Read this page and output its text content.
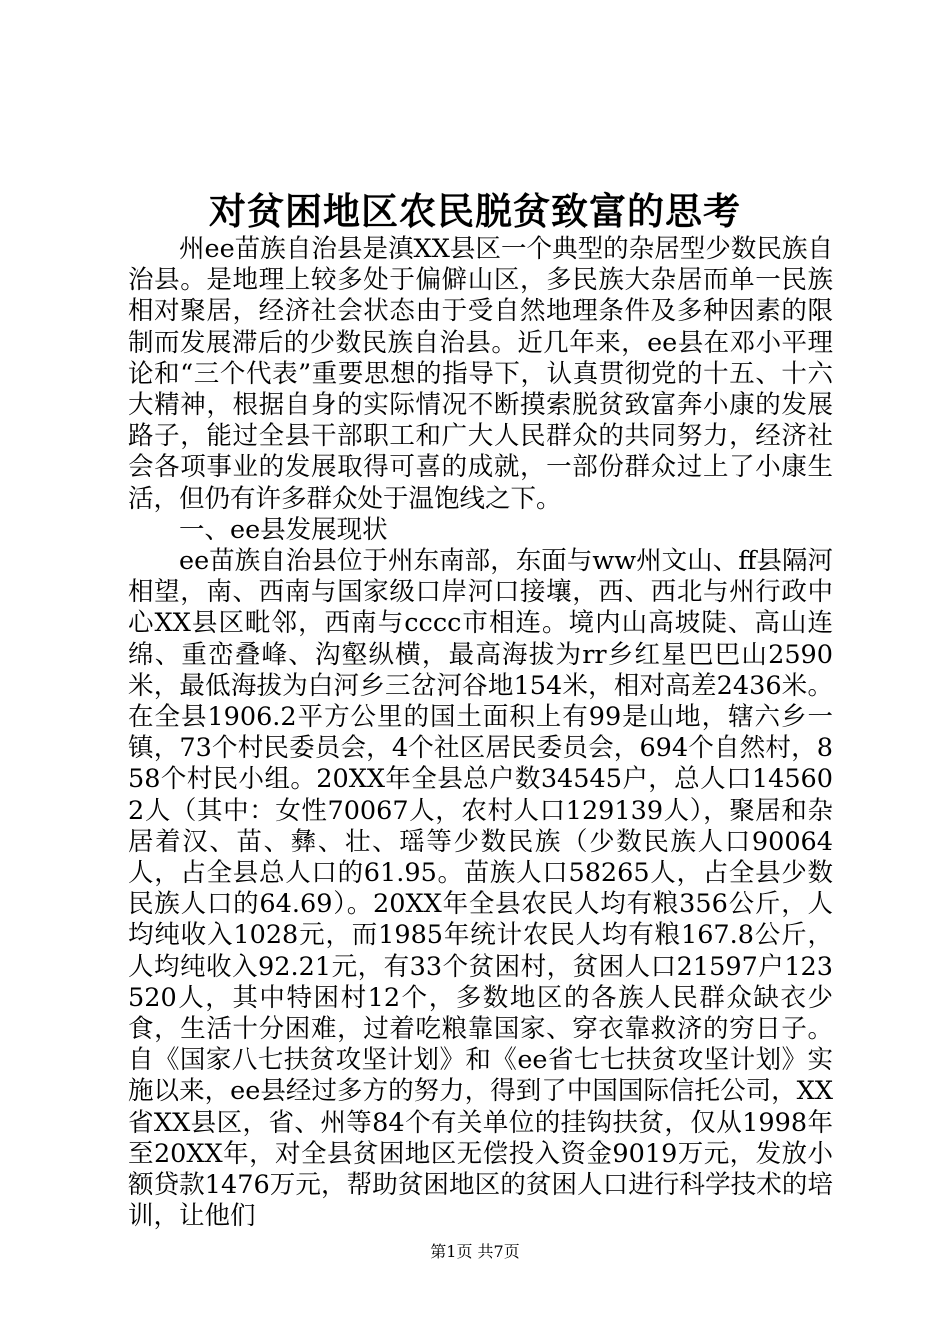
对贫困地区农民脱贫致富的思考

州ee苗族自治县是滇XX县区一个典型的杂居型少数民族自治县。是地理上较多处于偏僻山区，多民族大杂居而单一民族相对聚居，经济社会状态由于受自然地理条件及多种因素的限制而发展滞后的少数民族自治县。近几年来，ee县在邓小平理论和“三个代表”重要思想的指导下，认真贯彻党的十五、十六大精神，根据自身的实际情况不断摸索脱贫致富奔小康的发展路子，能过全县干部职工和广大人民群众的共同努力，经济社会各项事业的发展取得可喜的成就，一部份群众过上了小康生活，但仍有许多群众处于温饱线之下。

一、ee县发展现状

ee苗族自治县位于州东南部，东面与ww州文山、ff县隔河相望，南、西南与国家级口岸河口接壤，西、西北与州行政中心XX县区毗邻，西南与cccc市相连。境内山高坡陡、高山连绵、重峦叠峰、沟壑纵横，最高海拔为rr乡红星巴巴山2590米，最低海拔为白河乡三岔河谷地154米，相对高差2436米。在全县1906.2平方公里的国土面积上有99是山地，辖六乡一镇，73个村民委员会，4个社区居民委员会，694个自然村，858个村民小组。20XX年全县总户数34545户，总人口145602人（其中：女性70067人，农村人口129139人），聚居和杂居着汉、苗、彝、壮、瑶等少数民族（少数民族人口90064人，占全县总人口的61.95。苗族人口58265人，占全县少数民族人口的64.69）。20XX年全县农民人均有粮356公斤，人均纯收入1028元，而1985年统计农民人均有粮167.8公斤，人均纯收入92.21元，有33个贫困村，贫困人口21597户123520人，其中特困村12个，多数地区的各族人民群众缺衣少食，生活十分困难，过着吃粮靠国家、穿衣靠救济的穷日子。自《国家八七扶贫攻坚计划》和《ee省七七扶贫攻坚计划》实施以来，ee县经过多方的努力，得到了中国国际信托公司，XX省XX县区，省、州等84个有关单位的挂钩扶贫，仅从1998年至20XX年，对全县贫困地区无偿投入资金9019万元，发放小额贷款1476万元，帮助贫困地区的贫困人口进行科学技术的培训，让他们

第1页 共7页
